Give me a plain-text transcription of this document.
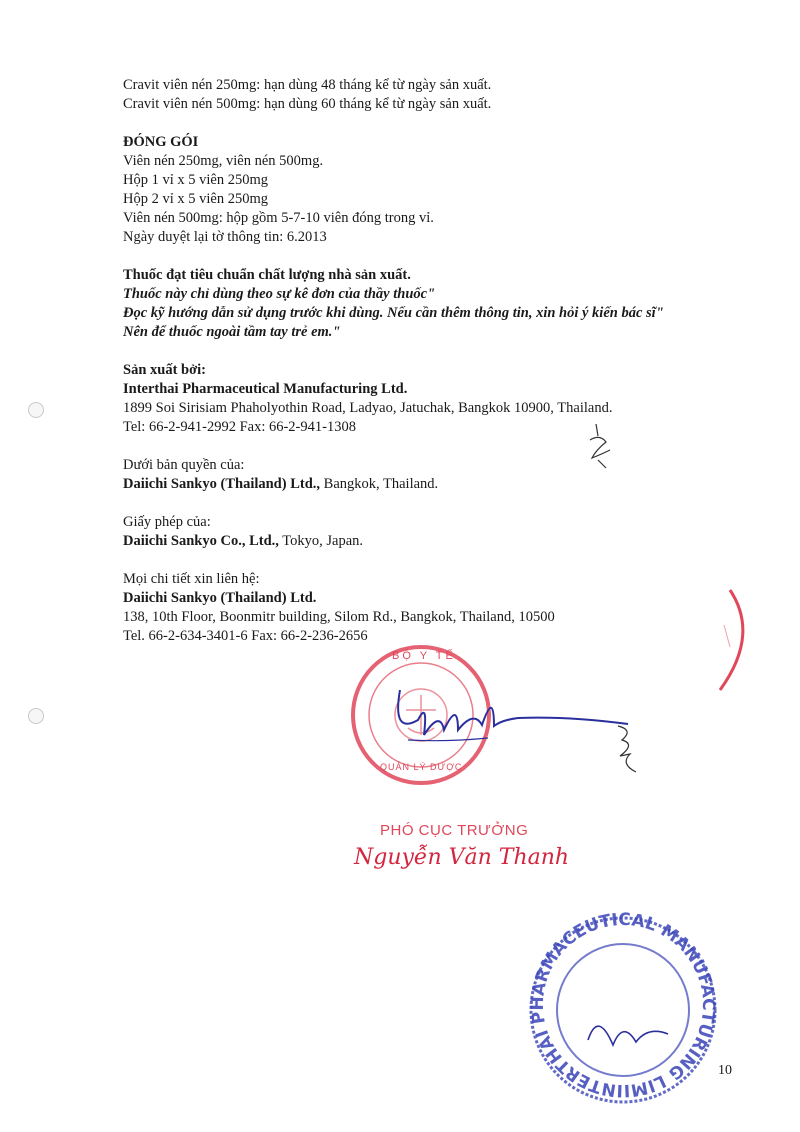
Cravit viên nén 250mg: hạn dùng 48 tháng kể từ ngày sản xuất.
Cravit viên nén 500mg: hạn dùng 60 tháng kể từ ngày sản xuất.
ĐÓNG GÓI
Viên nén 250mg, viên nén 500mg.
Hộp 1 vỉ x 5 viên 250mg
Hộp 2 vỉ x 5 viên 250mg
Viên nén 500mg: hộp gồm 5-7-10 viên đóng trong vỉ.
Ngày duyệt lại tờ thông tin: 6.2013
Thuốc đạt tiêu chuẩn chất lượng nhà sản xuất.
Thuốc này chỉ dùng theo sự kê đơn của thầy thuốc"
Đọc kỹ hướng dẫn sử dụng trước khi dùng. Nếu cần thêm thông tin, xin hỏi ý kiến bác sĩ"
Nên để thuốc ngoài tầm tay trẻ em."
Sản xuất bởi:
Interthai Pharmaceutical Manufacturing Ltd.
1899 Soi Sirisiam Phaholyothin Road, Ladyao, Jatuchak, Bangkok 10900, Thailand.
Tel: 66-2-941-2992 Fax: 66-2-941-1308
Dưới bản quyền của:
Daiichi Sankyo (Thailand) Ltd., Bangkok, Thailand.
Giấy phép của:
Daiichi Sankyo Co., Ltd., Tokyo, Japan.
Mọi chi tiết xin liên hệ:
Daiichi Sankyo (Thailand) Ltd.
138, 10th Floor, Boonmitr building, Silom Rd., Bangkok, Thailand, 10500
Tel. 66-2-634-3401-6 Fax: 66-2-236-2656
BỘ Y TẾ
QUẢN LÝ DƯỢC
PHÓ CỤC TRƯỞNG
Nguyễn Văn Thanh
INTERTHAI PHARMACEUTICAL MANUFACTURING LIMITED
10
